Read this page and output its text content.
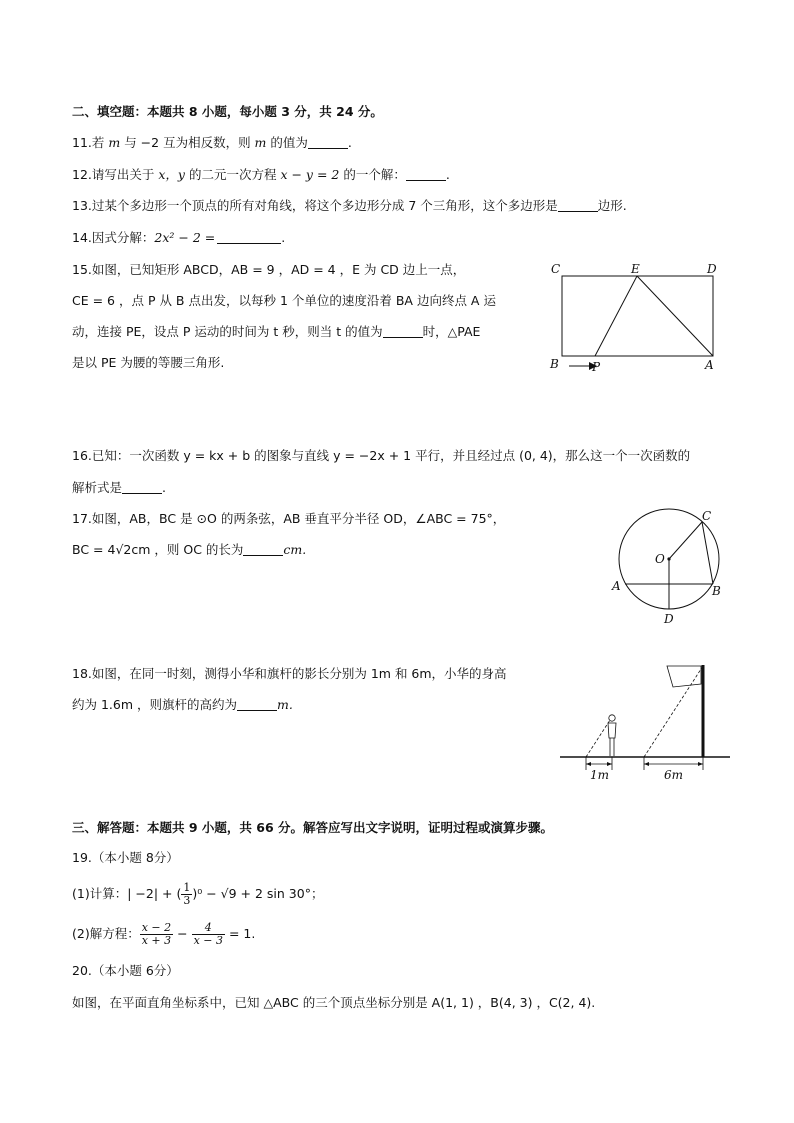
二、填空题：本题共 8 小题，每小题 3 分，共 24 分。
11.若 m 与 −2 互为相反数，则 m 的值为	.
12.请写出关于 x，y 的二元一次方程 x − y = 2 的一个解：	.
13.过某个多边形一个顶点的所有对角线，将这个多边形分成 7 个三角形，这个多边形是	边形.
14.因式分解：2x² − 2 =	.
15.如图，已知矩形 ABCD，AB = 9 ，AD = 4 ，E 为 CD 边上一点，
CE = 6 ，点 P 从 B 点出发，以每秒 1 个单位的速度沿着 BA 边向终点 A 运
动，连接 PE，设点 P 运动的时间为 t 秒，则当 t 的值为	时，△PAE
是以 PE 为腰的等腰三角形.
C	E	D
B	P	A
16.已知：一次函数 y = kx + b 的图象与直线 y = −2x + 1 平行，并且经过点 (0, 4)，那么这一个一次函数的
解析式是	.
17.如图，AB，BC 是 ⊙O 的两条弦，AB 垂直平分半径 OD，∠ABC = 75°，
BC = 4√2cm ，则 OC 的长为	cm.
O
C
A	B
D
18.如图，在同一时刻，测得小华和旗杆的影长分别为 1m 和 6m，小华的身高
约为 1.6m ，则旗杆的高约为	m.
1m	6m
三、解答题：本题共 9 小题，共 66 分。解答应写出文字说明，证明过程或演算步骤。
19.（本小题 8分）
(1)计算：| −2| + ( $\frac{1}{3} )^0 - √9 + 2$ sin 30°；
(2)解方程： $\frac{x - 2}{x + 3} - \frac{4}{x - 3} = 1$.
20.（本小题 6分）
如图，在平面直角坐标系中，已知 △ABC 的三个顶点坐标分别是 A(1, 1) ，B(4, 3) ，C(2, 4).
